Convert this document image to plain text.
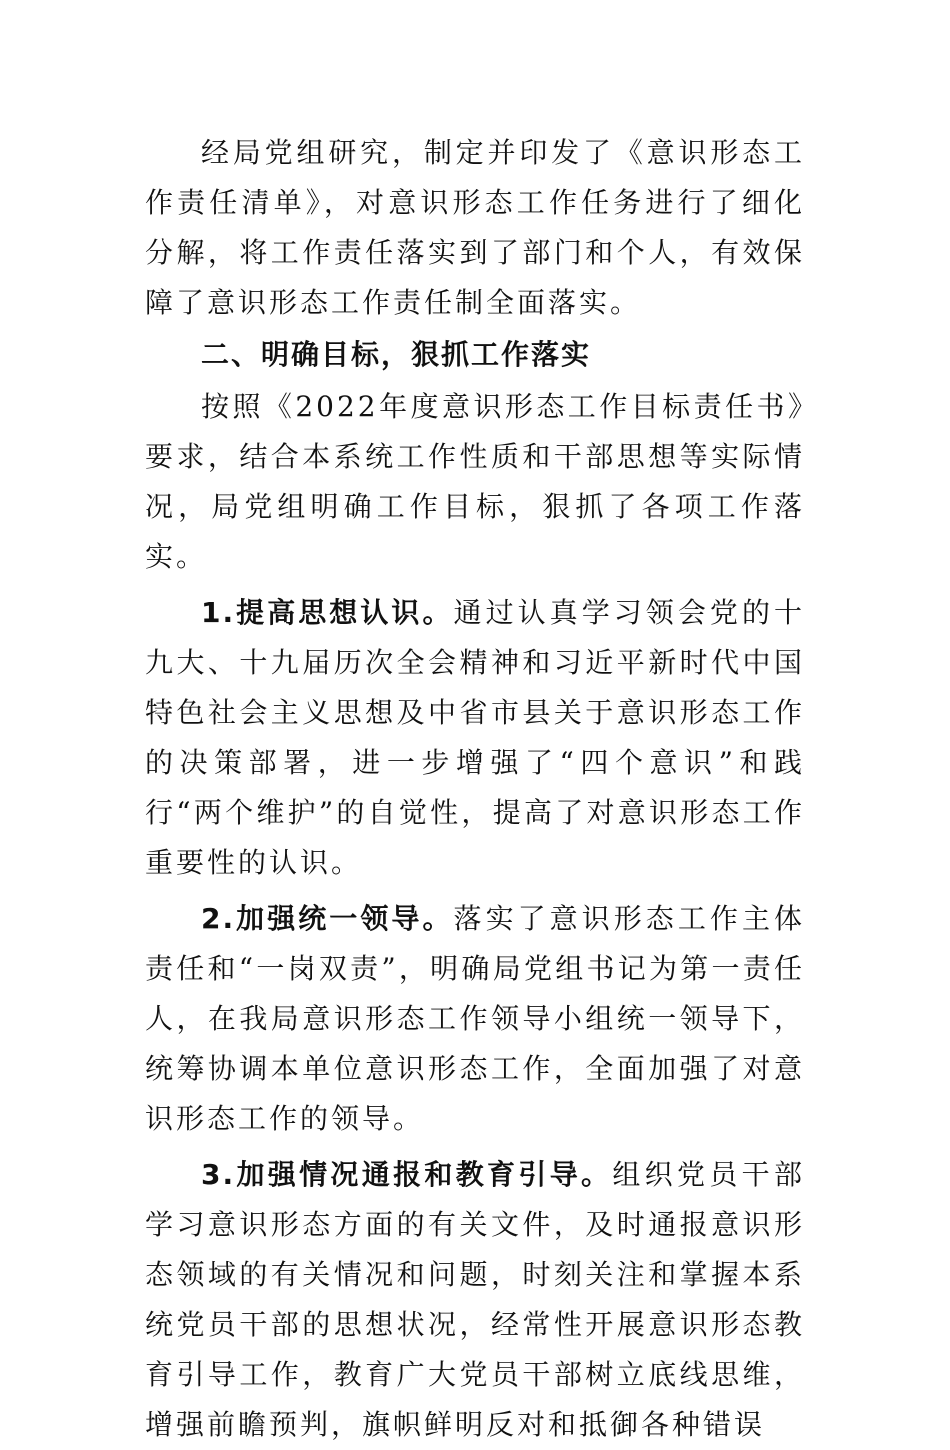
经局党组研究，制定并印发了《意识形态工作责任清单》，对意识形态工作任务进行了细化分解，将工作责任落实到了部门和个人，有效保障了意识形态工作责任制全面落实。

二、明确目标，狠抓工作落实

按照《2022年度意识形态工作目标责任书》要求，结合本系统工作性质和干部思想等实际情况，局党组明确工作目标，狠抓了各项工作落实。

1.提高思想认识。通过认真学习领会党的十九大、十九届历次全会精神和习近平新时代中国特色社会主义思想及中省市县关于意识形态工作的决策部署，进一步增强了“四个意识”和践行“两个维护”的自觉性，提高了对意识形态工作重要性的认识。

2.加强统一领导。落实了意识形态工作主体责任和“一岗双责”，明确局党组书记为第一责任人，在我局意识形态工作领导小组统一领导下，统筹协调本单位意识形态工作，全面加强了对意识形态工作的领导。

3.加强情况通报和教育引导。组织党员干部学习意识形态方面的有关文件，及时通报意识形态领域的有关情况和问题，时刻关注和掌握本系统党员干部的思想状况，经常性开展意识形态教育引导工作，教育广大党员干部树立底线思维，增强前瞻预判，旗帜鲜明反对和抵御各种错误
